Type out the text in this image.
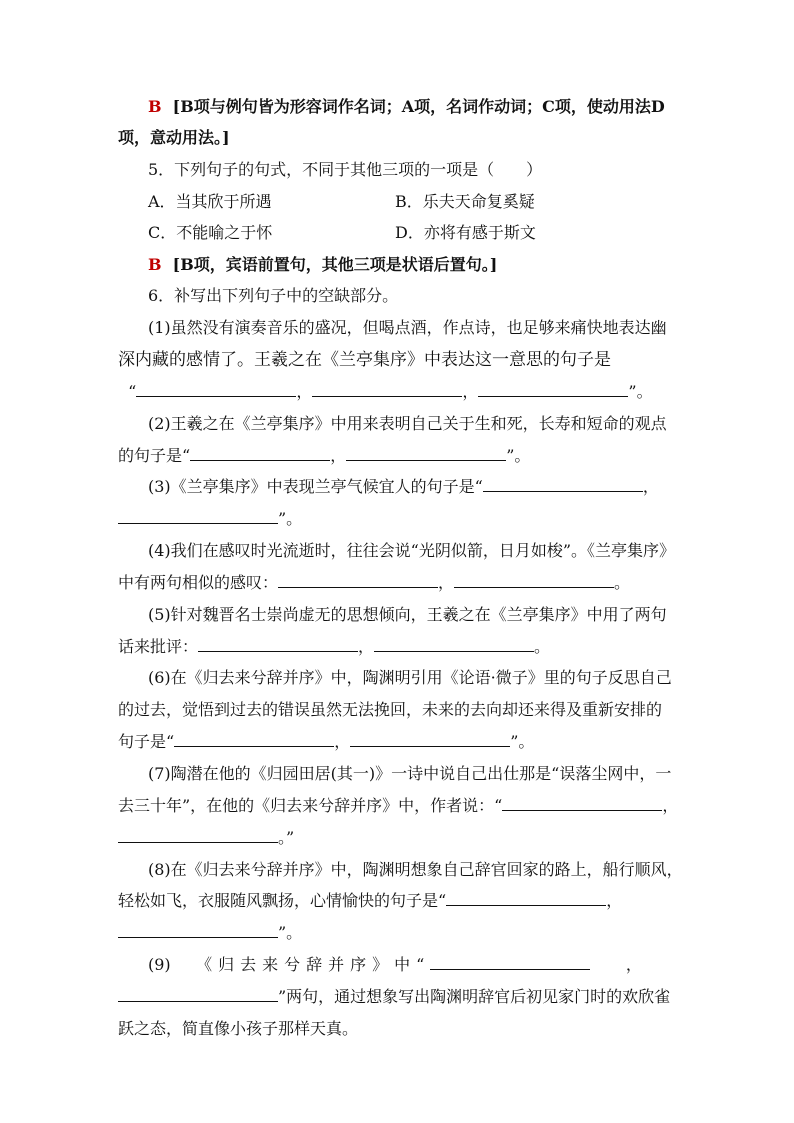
B [B项与例句皆为形容词作名词；A项，名词作动词；C项，使动用法D
项，意动用法。]
5．下列句子的句式，不同于其他三项的一项是（　　）
A．当其欣于所遇	B．乐夫天命复奚疑
C．不能喻之于怀	D．亦将有感于斯文
B [B项，宾语前置句，其他三项是状语后置句。]
6．补写出下列句子中的空缺部分。
(1)虽然没有演奏音乐的盛况，但喝点酒，作点诗，也足够来痛快地表达幽
深内藏的感情了。王羲之在《兰亭集序》中表达这一意思的句子是
“	，	，	”。
(2)王羲之在《兰亭集序》中用来表明自己关于生和死，长寿和短命的观点
的句子是“	，	”。
(3)《兰亭集序》中表现兰亭气候宜人的句子是“	，
”。
(4)我们在感叹时光流逝时，往往会说“光阴似箭，日月如梭”。《兰亭集序》
中有两句相似的感叹：	，	。
(5)针对魏晋名士崇尚虚无的思想倾向，王羲之在《兰亭集序》中用了两句
话来批评：	，	。
(6)在《归去来兮辞并序》中，陶渊明引用《论语·微子》里的句子反思自己
的过去，觉悟到过去的错误虽然无法挽回，未来的去向却还来得及重新安排的
句子是“	，	”。
(7)陶潜在他的《归园田居(其一)》一诗中说自己出仕那是“误落尘网中，一
去三十年”，在他的《归去来兮辞并序》中，作者说：“	，
。”
(8)在《归去来兮辞并序》中，陶渊明想象自己辞官回家的路上，船行顺风，
轻松如飞，衣服随风飘扬，心情愉快的句子是“	，
”。
(9) 《归去来兮辞并序》中“	，
”两句，通过想象写出陶渊明辞官后初见家门时的欢欣雀
跃之态，简直像小孩子那样天真。
